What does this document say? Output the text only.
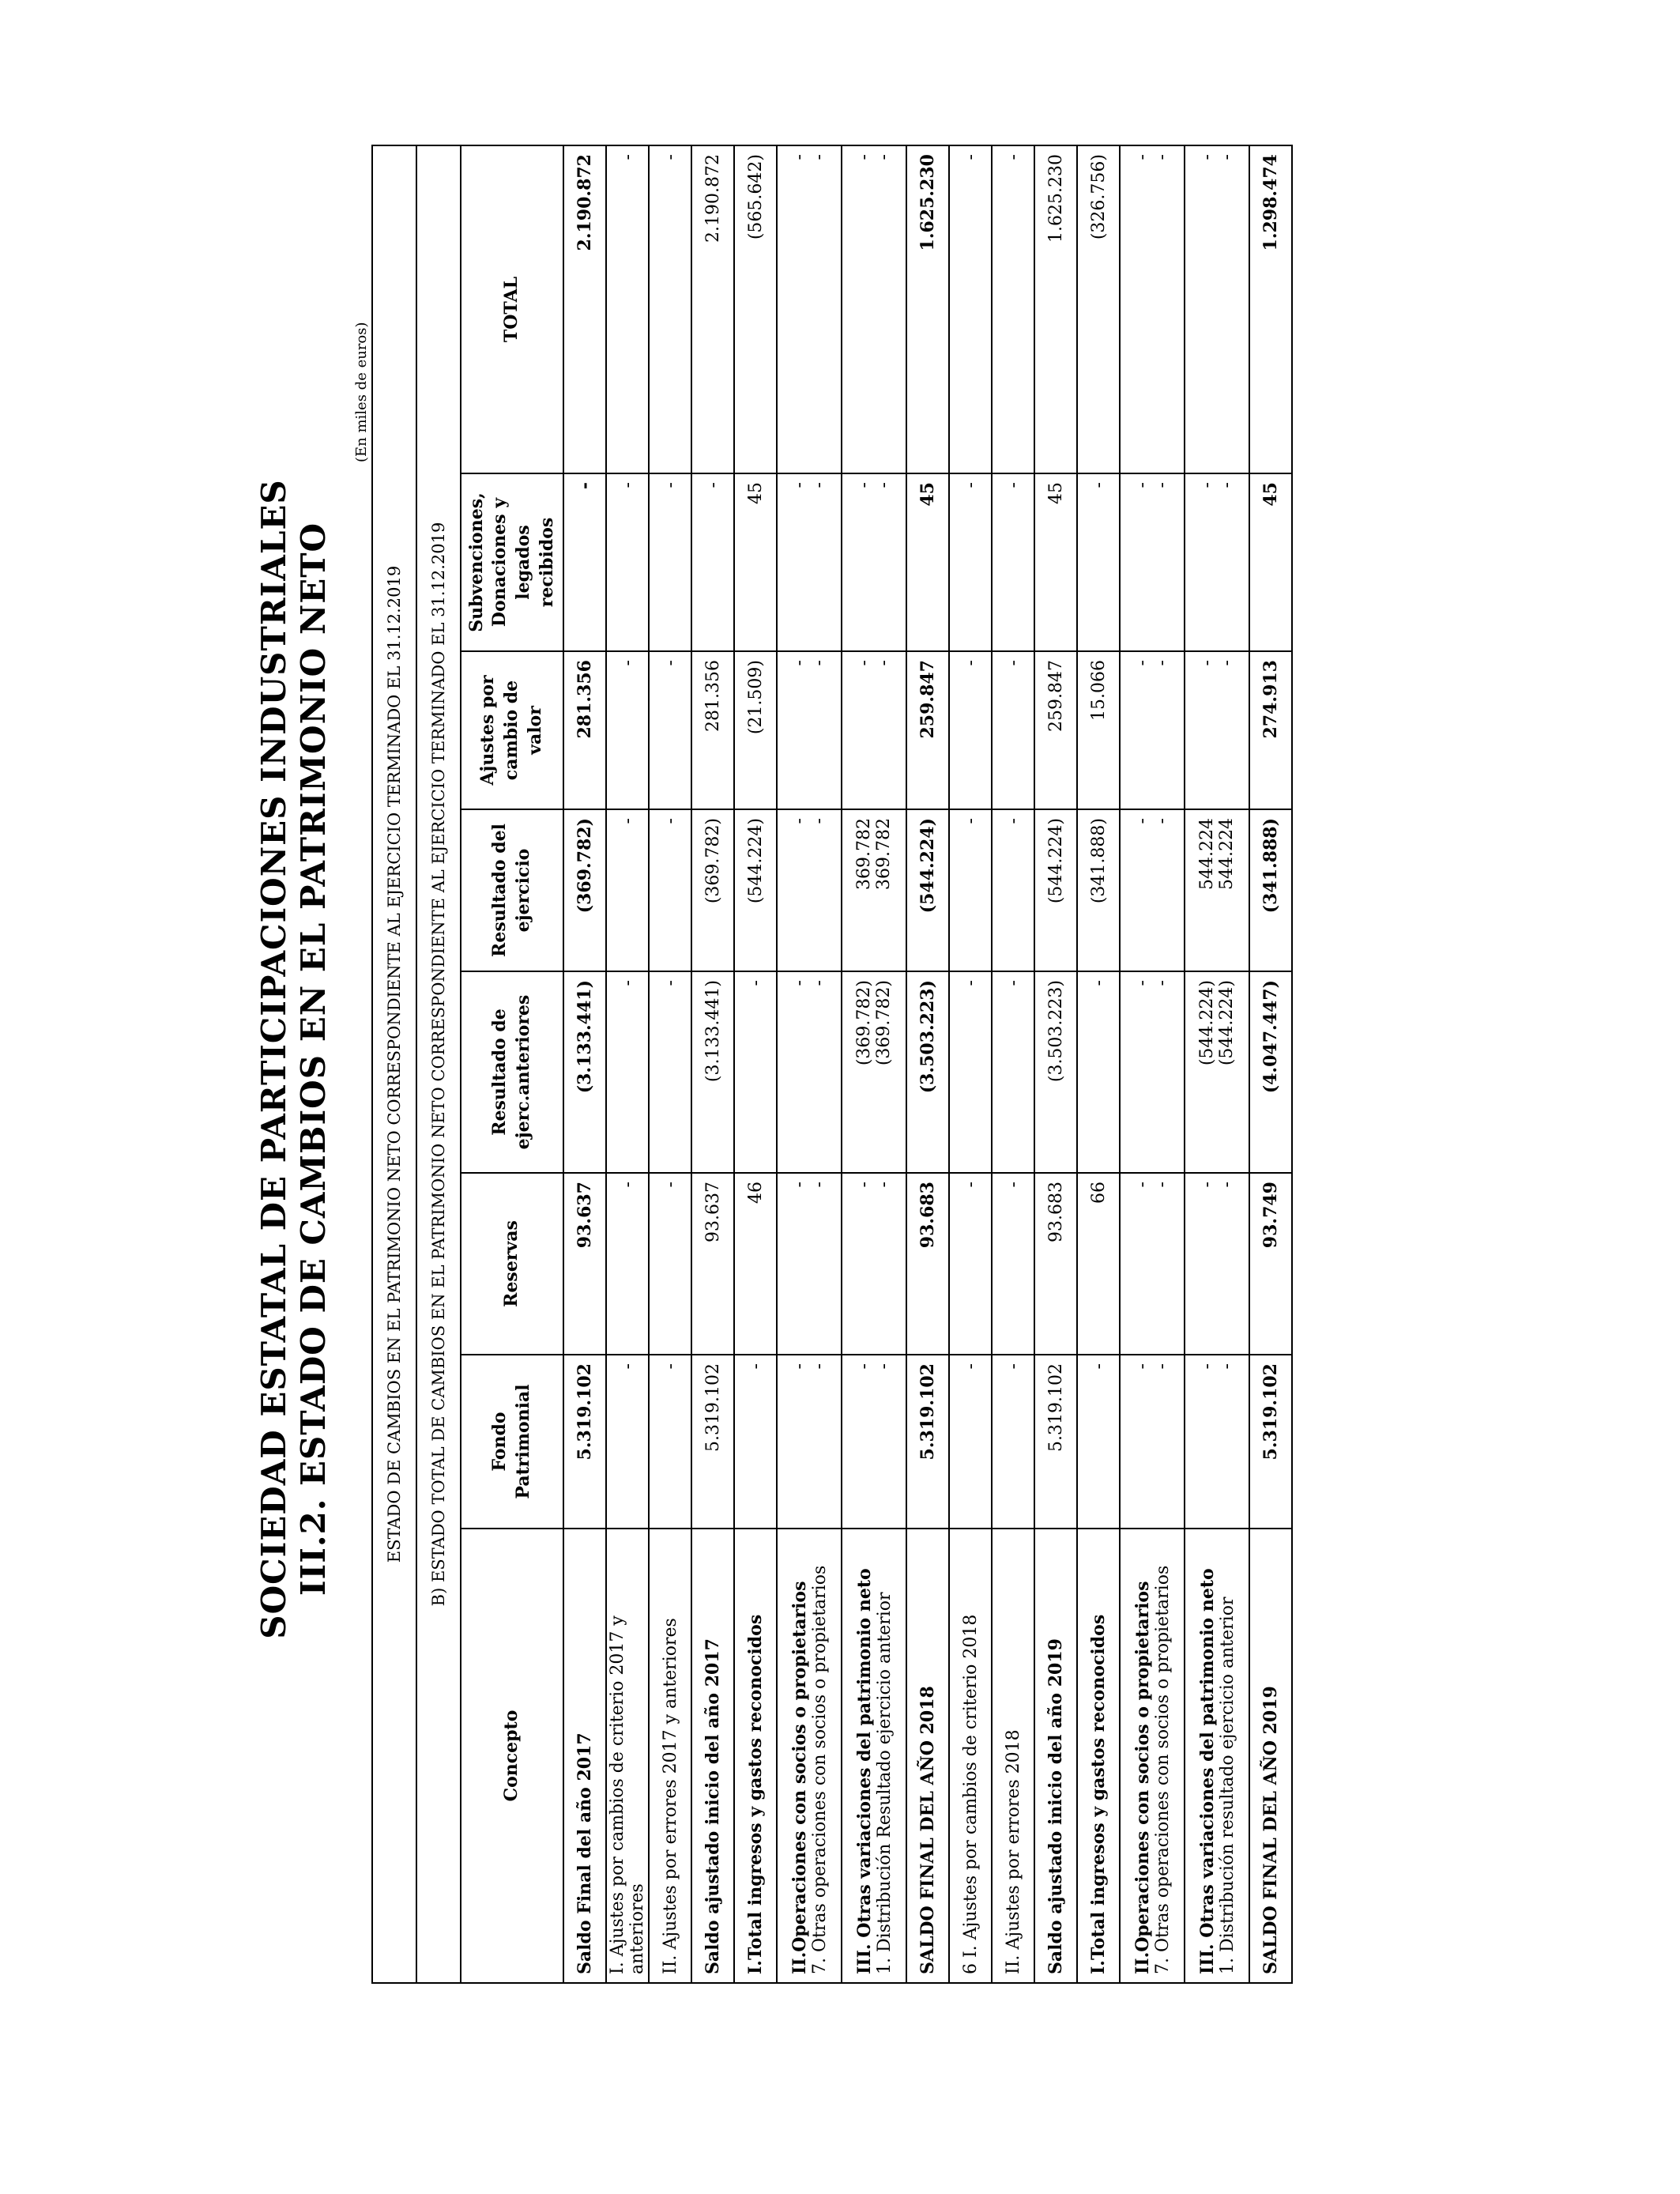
SOCIEDAD ESTATAL DE PARTICIPACIONES INDUSTRIALES III.2. ESTADO DE CAMBIOS EN EL PATRIMONIO NETO
(En miles de euros)
ESTADO DE CAMBIOS EN EL PATRIMONIO NETO CORRESPONDIENTE AL EJERCICIO TERMINADO EL 31.12.2019							
B) ESTADO TOTAL DE CAMBIOS EN EL PATRIMONIO NETO CORRESPONDIENTE AL EJERCICIO TERMINADO EL 31.12.2019							
Concepto	Fondo Patrimonial	Reservas	Resultado de ejerc.anteriores	Resultado del ejercicio	Ajustes por cambio de valor	Subvenciones, Donaciones y legados recibidos	TOTAL
Saldo Final del año 2017	5.319.102	93.637	(3.133.441)	(369.782)	281.356	-	2.190.872
I. Ajustes por cambios de criterio 2017 y anteriores	-	-	-	-	-	-	-
II. Ajustes por errores 2017 y anteriores	-	-	-	-	-	-	-
Saldo ajustado inicio del año 2017	5.319.102	93.637	(3.133.441)	(369.782)	281.356	-	2.190.872
I.Total ingresos y gastos reconocidos	-	46	-	(544.224)	(21.509)	45	(565.642)
II.Operaciones con socios o propietarios 7. Otras operaciones con socios o propietarios	- -	- -	- -	- -	- -	- -	- -

III. Otras variaciones del patrimonio neto 1. Distribución Resultado ejercicio anterior	- -	- -	(369.782) (369.782)	369.782 369.782	- -	- -	- -

SALDO FINAL DEL AÑO 2018	5.319.102	93.683	(3.503.223)	(544.224)	259.847	45	1.625.230
6 I. Ajustes por cambios de criterio 2018	-	-	-	-	-	-	-
II. Ajustes por errores 2018	-	-	-	-	-	-	-
Saldo ajustado inicio del año 2019	5.319.102	93.683	(3.503.223)	(544.224)	259.847	45	1.625.230
I.Total ingresos y gastos reconocidos	-	66	-	(341.888)	15.066	-	(326.756)
II.Operaciones con socios o propietarios 7. Otras operaciones con socios o propietarios	- -	- -	- -	- -	- -	- -	- -

III. Otras variaciones del patrimonio neto 1. Distribución resultado ejercicio anterior	- -	- -	(544.224) (544.224)	544.224 544.224	- -	- -	- -

SALDO FINAL DEL AÑO 2019	5.319.102	93.749	(4.047.447)	(341.888)	274.913	45	1.298.474
